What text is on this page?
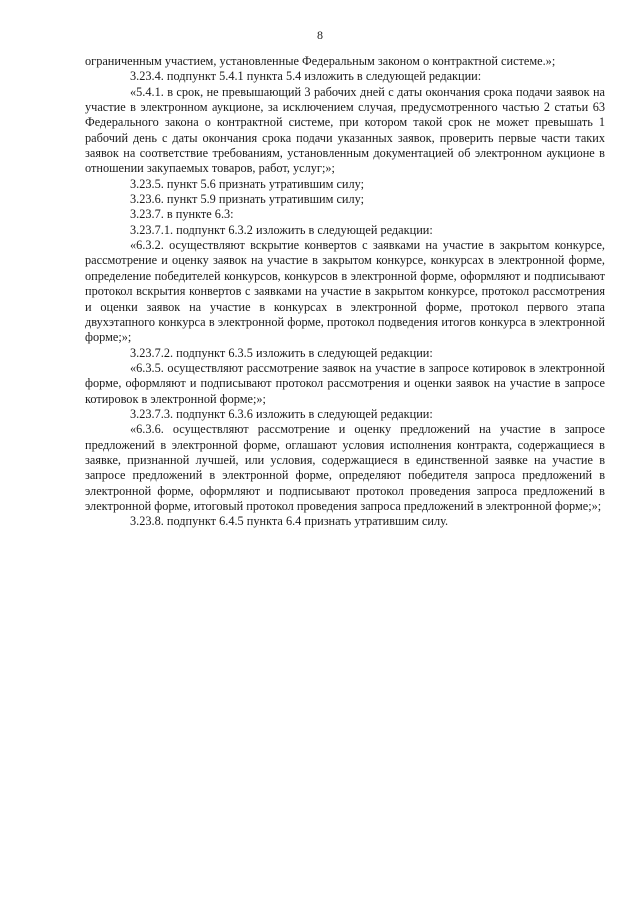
8

ограниченным участием, установленные Федеральным законом о контрактной системе.»;

3.23.4. подпункт 5.4.1 пункта 5.4 изложить в следующей редакции:

«5.4.1. в срок, не превышающий 3 рабочих дней с даты окончания срока подачи заявок на участие в электронном аукционе, за исключением случая, предусмотренного частью 2 статьи 63 Федерального закона о контрактной системе, при котором такой срок не может превышать 1 рабочий день с даты окончания срока подачи указанных заявок, проверить первые части таких заявок на соответствие требованиям, установленным документацией об электронном аукционе в отношении закупаемых товаров, работ, услуг;»;

3.23.5. пункт 5.6 признать утратившим силу;

3.23.6. пункт 5.9 признать утратившим силу;

3.23.7. в пункте 6.3:

3.23.7.1. подпункт 6.3.2 изложить в следующей редакции:

«6.3.2. осуществляют вскрытие конвертов с заявками на участие в закрытом конкурсе, рассмотрение и оценку заявок на участие в закрытом конкурсе, конкурсах в электронной форме, определение победителей конкурсов, конкурсов в электронной форме, оформляют и подписывают протокол вскрытия конвертов с заявками на участие в закрытом конкурсе, протокол рассмотрения и оценки заявок на участие в конкурсах в электронной форме, протокол первого этапа двухэтапного конкурса в электронной форме, протокол подведения итогов конкурса в электронной форме;»;

3.23.7.2. подпункт 6.3.5 изложить в следующей редакции:

«6.3.5. осуществляют рассмотрение заявок на участие в запросе котировок в электронной форме, оформляют и подписывают протокол рассмотрения и оценки заявок на участие в запросе котировок в электронной форме;»;

3.23.7.3. подпункт 6.3.6 изложить в следующей редакции:

«6.3.6. осуществляют рассмотрение и оценку предложений на участие в запросе предложений в электронной форме, оглашают условия исполнения контракта, содержащиеся в заявке, признанной лучшей, или условия, содержащиеся в единственной заявке на участие в запросе предложений в электронной форме, определяют победителя запроса предложений в электронной форме, оформляют и подписывают протокол проведения запроса предложений в электронной форме, итоговый протокол проведения запроса предложений в электронной форме;»;

3.23.8. подпункт 6.4.5 пункта 6.4 признать утратившим силу.
